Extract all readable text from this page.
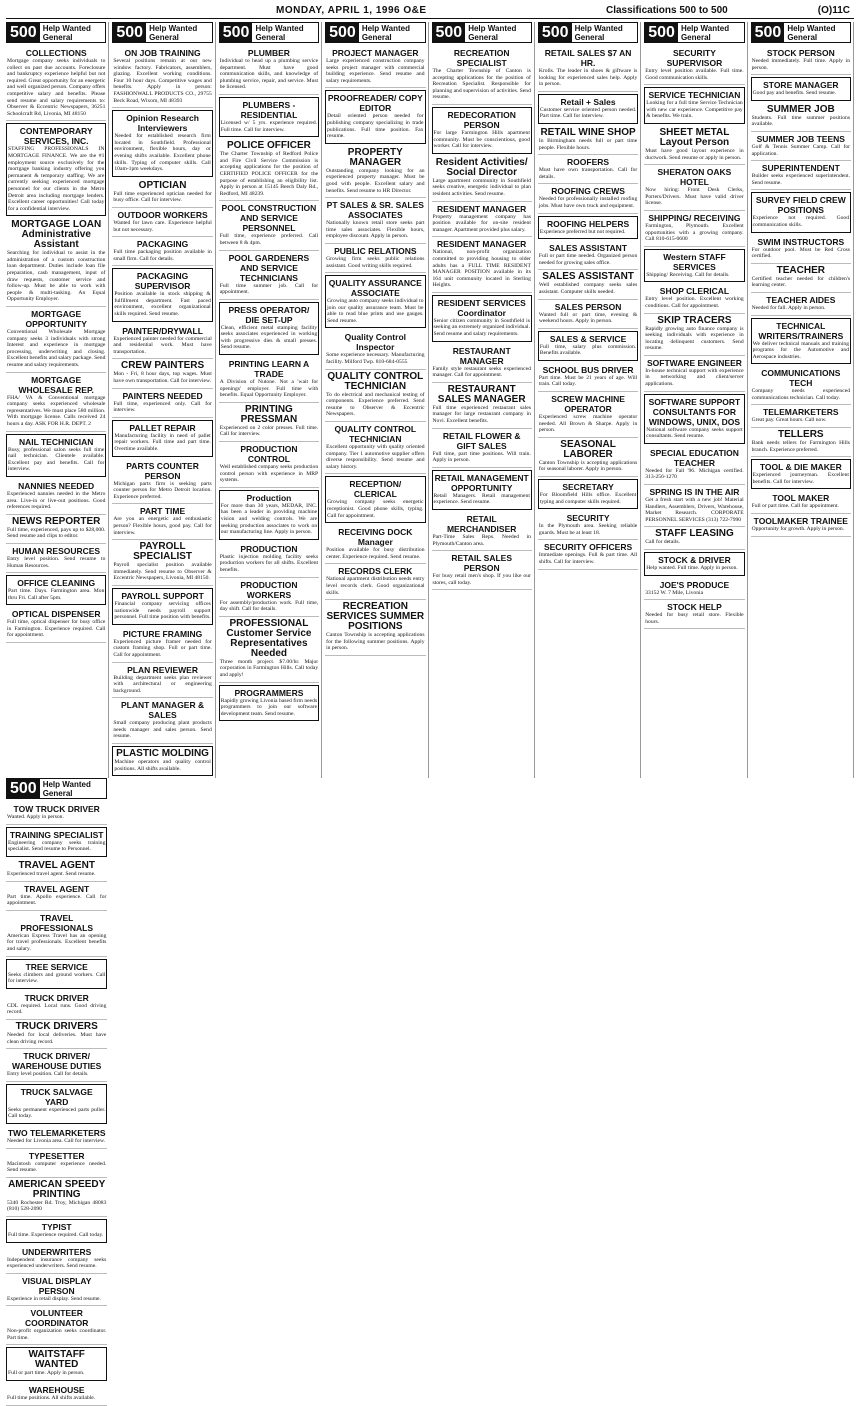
MONDAY, APRIL 1, 1996 O&E	Classifications 500 to 500	(O)11C
500 Help Wanted
General
COLLECTIONS
Mortgage company seeks individuals to collect on past due accounts. Foreclosure and bankruptcy experience helpful but not required. Great opportunity for an energetic and well organized person. Company offers competitive salary and benefits. Please send resume and salary requirements to: Observer & Eccentric Newspapers, 36251 Schoolcraft Rd, Livonia, MI 48150
CONTEMPORARY SERVICES, INC.
STAFFING PROFESSIONALS IN MORTGAGE FINANCE. We are the #1 employment source exclusively for the mortgage banking industry offering you permanent & temporary staffing. We are currently seeking experienced mortgage personnel for our clients in the Metro Detroit area including mortgage lenders. Excellent career opportunities! Call today for a confidential interview.
MORTGAGE LOAN Administrative Assistant
Searching for individual to assist in the administration of a custom construction loan department. Duties include loan file preparation, cash management, input of draw requests, customer service and follow-up. Must be able to work with people & multi-tasking. An Equal Opportunity Employer.
MORTGAGE OPPORTUNITY
Conventional Wholesale Mortgage company seeks 3 individuals with strong Interest and experience in mortgage processing, underwriting and closing. Excellent benefits and salary package. Send resume and salary requirements.
MORTGAGE WHOLESALE REP.
FHA/ VA & Conventional mortgage company seeks experienced wholesale representatives. We must place 580 million. With mortgage license. Calls received 24 hours a day. ASK FOR H.R. DEPT. 2
NAIL TECHNICIAN
Busy, professional salon seeks full time nail technician. Clientele available. Excellent pay and benefits. Call for interview.
NANNIES NEEDED
Experienced nannies needed in the Metro area. Live-in or live-out positions. Good references required.
NEWS REPORTER
Full time, experienced, pays up to $28,000. Send resume and clips to editor.
HUMAN RESOURCES
Entry level position. Send resume to Human Resources.
OFFICE CLEANING
Part time. Days. Farmington area. Mon thru Fri. Call after 5pm.
OPTICAL DISPENSER
Full time, optical dispenser for busy office in Farmington. Experience required. Call for appointment.
500 Help Wanted
General
ON JOB TRAINING
Several positions remain at our new window factory. Fabricators, assemblers, glazing. Excellent working conditions. Four 10 hour days. Competitive wages and benefits. Apply in person: FASHIONWALL PRODUCTS CO., 29755 Beck Road, Wixom, MI 48393
Opinion Research Interviewers
Needed for established research firm located in Southfield. Professional environment, flexible hours, day or evening shifts available. Excellent phone skills. Typing of computer skills. Call 10am-1pm weekdays.
OPTICIAN
Full time experienced optician needed for busy office. Call for interview.
OUTDOOR WORKERS
Wanted for lawn care. Experience helpful but not necessary.
PACKAGING
Full time packaging position available in small firm. Call for details.
PACKAGING SUPERVISOR
Position available in stock shipping & fulfillment department. Fast paced environment, excellent organizational skills required. Send resume.
PAINTER/DRYWALL
Experienced painter needed for commercial and residential work. Must have transportation.
CREW PAINTERS
Mon - Fri, 8 hour days, top wages. Must have own transportation. Call for interview.
PAINTERS NEEDED
Full time, experienced only. Call for interview.
PALLET REPAIR
Manufacturing facility in need of pallet repair workers. Full time and part time. Overtime available.
PARTS COUNTER PERSON
Michigan parts firm is seeking parts counter person for Metro Detroit location. Experience preferred.
PART TIME
Are you an energetic and enthusiastic person? Flexible hours, good pay. Call for interview.
PAYROLL SPECIALIST
Payroll specialist position available immediately. Send resume to Observer & Eccentric Newspapers, Livonia, MI 48150.
PAYROLL SUPPORT
Financial company servicing offices nationwide needs payroll support personnel. Full time position with benefits.
PICTURE FRAMING
Experienced picture framer needed for custom framing shop. Full or part time. Call for appointment.
PLAN REVIEWER
Building department seeks plan reviewer with architectural or engineering background.
PLANT MANAGER & SALES
Small company producing plant products needs manager and sales person. Send resume.
PLASTIC MOLDING
Machine operators and quality control positions. All shifts available.
500 Help Wanted
General
PLUMBER
Individual to head up a plumbing service department. Must have good communication skills, and knowledge of plumbing service, repair, and service. Must be licensed.
PLUMBERS - RESIDENTIAL
Licensed w/ 5 yrs. experience required. Full time. Call for interview.
POLICE OFFICER
The Charter Township of Redford Police and Fire Civil Service Commission is accepting applications for the position of CERTIFIED POLICE OFFICER for the purpose of establishing an eligibility list. Apply in person at 15145 Beech Daly Rd., Redford, MI 48239.
POOL CONSTRUCTION AND SERVICE PERSONNEL
Full time, experience preferred. Call between 8 & 4pm.
POOL GARDENERS AND SERVICE TECHNICIANS
Full time summer job. Call for appointment.
PRESS OPERATOR/ DIE SET-UP
Clean, efficient metal stamping facility seeks associates experienced in working with progressive dies & small presses. Send resume.
PRINTING LEARN A TRADE
A Division of Nutone. Not a 'wait for openings' employer. Full time with benefits. Equal Opportunity Employer.
PRINTING PRESSMAN
Experienced on 2 color presses. Full time. Call for interview.
PRODUCTION CONTROL
Well established company seeks production control person with experience in MRP systems.
Production
For more than 30 years, MEDAR, INC. has been a leader in providing machine vision and welding controls. We are seeking production associates to work on our manufacturing line. Apply in person.
PRODUCTION
Plastic injection molding facility seeks production workers for all shifts. Excellent benefits.
PRODUCTION WORKERS
For assembly/production work. Full time, day shift. Call for details.
PROFESSIONAL Customer Service Representatives Needed
Three month project. $7.00/hr. Major corporation in Farmington Hills. Call today and apply!
PROGRAMMERS
Rapidly growing Livonia based firm needs programmers to join our software development team. Send resume.
500 Help Wanted
General
PROJECT MANAGER
Large experienced construction company seeks project manager with commercial building experience. Send resume and salary requirements.
PROOFREADER/ COPY EDITOR
Detail oriented person needed for publishing company specializing in trade publications. Full time position. Fax resume.
PROPERTY MANAGER
Outstanding company looking for an experienced property manager. Must be good with people. Excellent salary and benefits. Send resume to HR Director.
PT SALES & SR. SALES ASSOCIATES
Nationally known retail store seeks part time sales associates. Flexible hours, employee discount. Apply in person.
PUBLIC RELATIONS
Growing firm seeks public relations assistant. Good writing skills required.
QUALITY ASSURANCE ASSOCIATE
Growing auto company seeks individual to join our quality assurance team. Must be able to read blue prints and use gauges. Send resume.
Quality Control Inspector
Some experience necessary. Manufacturing facility. Milford Twp. 810-684-0555
QUALITY CONTROL TECHNICIAN
To do electrical and mechanical testing of components. Experience preferred. Send resume to Observer & Eccentric Newspapers.
QUALITY CONTROL TECHNICIAN
Excellent opportunity with quality oriented company. Tier 1 automotive supplier offers diverse responsibility. Send resume and salary history.
RECEPTION/ CLERICAL
Growing company seeks energetic receptionist. Good phone skills, typing. Call for appointment.
RECEIVING DOCK Manager
Position available for busy distribution center. Experience required. Send resume.
RECORDS CLERK
National apartment distribution needs entry level records clerk. Good organizational skills.
RECREATION SERVICES SUMMER POSITIONS
Canton Township is accepting applications for the following summer positions. Apply in person.
500 Help Wanted
General
RECREATION SPECIALIST
The Charter Township of Canton is accepting applications for the position of Recreation Specialist. Responsible for planning and supervision of activities. Send resume.
REDECORATION PERSON
For large Farmington Hills apartment community. Must be conscientious, good worker. Call for interview.
Resident Activities/ Social Director
Large apartment community in Southfield seeks creative, energetic individual to plan resident activities. Send resume.
RESIDENT MANAGER
Property management company has position available for on-site resident manager. Apartment provided plus salary.
RESIDENT MANAGER
National, non-profit organization committed to providing housing to older adults has a FULL TIME RESIDENT MANAGER POSITION available in its 164 unit community located in Sterling Heights.
RESIDENT SERVICES Coordinator
Senior citizen community in Southfield is seeking an extremely organized individual. Send resume and salary requirements.
RESTAURANT MANAGER
Family style restaurant seeks experienced manager. Call for appointment.
RESTAURANT SALES MANAGER
Full time experienced restaurant sales manager for large restaurant company in Novi. Excellent benefits.
RETAIL FLOWER & GIFT SALES
Full time, part time positions. Will train. Apply in person.
RETAIL MANAGEMENT OPPORTUNITY
Retail Managers. Retail management experience. Send resume.
RETAIL MERCHANDISER
Part-Time Sales Reps. Needed in Plymouth/Canton area.
RETAIL SALES PERSON
For busy retail men's shop. If you like our stores, call today.
500 Help Wanted
General
RETAIL SALES $7 AN HR.
Krolls. The leader in shoes & giftware is looking for experienced sales help. Apply in person.
Retail + Sales
Customer service oriented person needed. Part time. Call for interview.
RETAIL WINE SHOP
In Birmingham needs full or part time people. Flexible hours.
ROOFERS
Must have own transportation. Call for details.
ROOFING CREWS
Needed for professionally installed roofing jobs. Must have own truck and equipment.
ROOFING HELPERS
Experience preferred but not required.
SALES ASSISTANT
Full or part time needed. Organized person needed for growing sales office.
SALES ASSISTANT
Well established company seeks sales assistant. Computer skills needed.
SALES PERSON
Wanted full or part time, evening & weekend hours. Apply in person.
SALES & SERVICE
Full time, salary plus commission. Benefits available.
SCHOOL BUS DRIVER
Part time. Must be 21 years of age. Will train. Call today.
SCREW MACHINE OPERATOR
Experienced screw machine operator needed. All Brown & Sharpe. Apply in person.
SEASONAL LABORER
Canton Township is accepting applications for seasonal laborer. Apply in person.
SECRETARY
For Bloomfield Hills office. Excellent typing and computer skills required.
SECURITY
In the Plymouth area. Seeking reliable guards. Must be at least 18.
SECURITY OFFICERS
Immediate openings. Full & part time. All shifts. Call for interview.
500 Help Wanted
General
SECURITY SUPERVISOR
Entry level position available. Full time. Good communication skills.
SERVICE TECHNICIAN
Looking for a full time Service Technician with new car experience. Competitive pay & benefits. We train.
SHEET METAL Layout Person
Must have good layout experience in ductwork. Send resume or apply in person.
SHERATON OAKS HOTEL
Now hiring: Front Desk Clerks, Porters/Drivers. Must have valid driver license.
SHIPPING/ RECEIVING
Farmington, Plymouth. Excellent opportunities with a growing company. Call 810-615-0600
Western STAFF SERVICES
Shipping/ Receiving. Call for details.
SHOP CLERICAL
Entry level position. Excellent working conditions. Call for appointment.
SKIP TRACERS
Rapidly growing auto finance company is seeking individuals with experience in locating delinquent customers. Send resume.
SOFTWARE ENGINEER
In-house technical support with experience in networking and client/server applications.
SOFTWARE SUPPORT CONSULTANTS FOR WINDOWS, UNIX, DOS
National software company seeks support consultants. Send resume.
SPECIAL EDUCATION TEACHER
Needed for Fall '96. Michigan certified. 313-256-1270
SPRING IS IN THE AIR
Get a fresh start with a new job! Material Handlers, Assemblers, Drivers, Warehouse, Market Research. CORPORATE PERSONNEL SERVICES (313) 722-7990
STAFF LEASING
Call for details.
STOCK & DRIVER
Help wanted. Full time. Apply in person.
JOE'S PRODUCE
33152 W. 7 Mile, Livonia
STOCK HELP
Needed for busy retail store. Flexible hours.
500 Help Wanted
General
STOCK PERSON
Needed immediately. Full time. Apply in person.
STORE MANAGER
Good pay and benefits. Send resume.
SUMMER JOB
Students. Full time summer positions available.
SUMMER JOB TEENS
Golf & Tennis Summer Camp. Call for application.
SUPERINTENDENT
Builder seeks experienced superintendent. Send resume.
SURVEY FIELD CREW POSITIONS
Experience not required. Good communication skills.
SWIM INSTRUCTORS
For outdoor pool. Must be Red Cross certified.
TEACHER
Certified teacher needed for children's learning center.
TEACHER AIDES
Needed for fall. Apply in person.
TECHNICAL WRITERS/TRAINERS
We deliver technical manuals and training programs for the Automotive and Aerospace industries.
COMMUNICATIONS TECH
Company needs experienced communications technician. Call today.
TELEMARKETERS
Great pay. Great hours. Call now.
TELLERS
Bank needs tellers for Farmington Hills branch. Experience preferred.
TOOL & DIE MAKER
Experienced journeyman. Excellent benefits. Call for interview.
TOOL MAKER
Full or part time. Call for appointment.
TOOLMAKER TRAINEE
Opportunity for growth. Apply in person.
500 Help Wanted
General
TOW TRUCK DRIVER
Wanted. Apply in person.
TRAINING SPECIALIST
Engineering company seeks training specialist. Send resume to Personnel.
TRAVEL AGENT
Experienced travel agent. Send resume.
TRAVEL AGENT
Part time. Apollo experience. Call for appointment.
TRAVEL PROFESSIONALS
American Express Travel has an opening for travel professionals. Excellent benefits and salary.
TREE SERVICE
Seeks climbers and ground workers. Call for interview.
TRUCK DRIVER
CDL required. Local runs. Good driving record.
TRUCK DRIVERS
Needed for local deliveries. Must have clean driving record.
TRUCK DRIVER/ WAREHOUSE DUTIES
Entry level position. Call for details.
TRUCK SALVAGE YARD
Seeks permanent experienced parts puller. Call today.
TWO TELEMARKETERS
Needed for Livonia area. Call for interview.
TYPESETTER
Macintosh computer experience needed. Send resume.
AMERICAN SPEEDY PRINTING
5340 Rochester Rd. Troy, Michigan 48083 (810) 528-2090
TYPIST
Full time. Experience required. Call today.
UNDERWRITERS
Independent insurance company seeks experienced underwriters. Send resume.
VISUAL DISPLAY PERSON
Experience in retail display. Send resume.
VOLUNTEER COORDINATOR
Non-profit organization seeks coordinator. Part time.
WAITSTAFF WANTED
Full or part time. Apply in person.
WAREHOUSE
Full time positions. All shifts available.
